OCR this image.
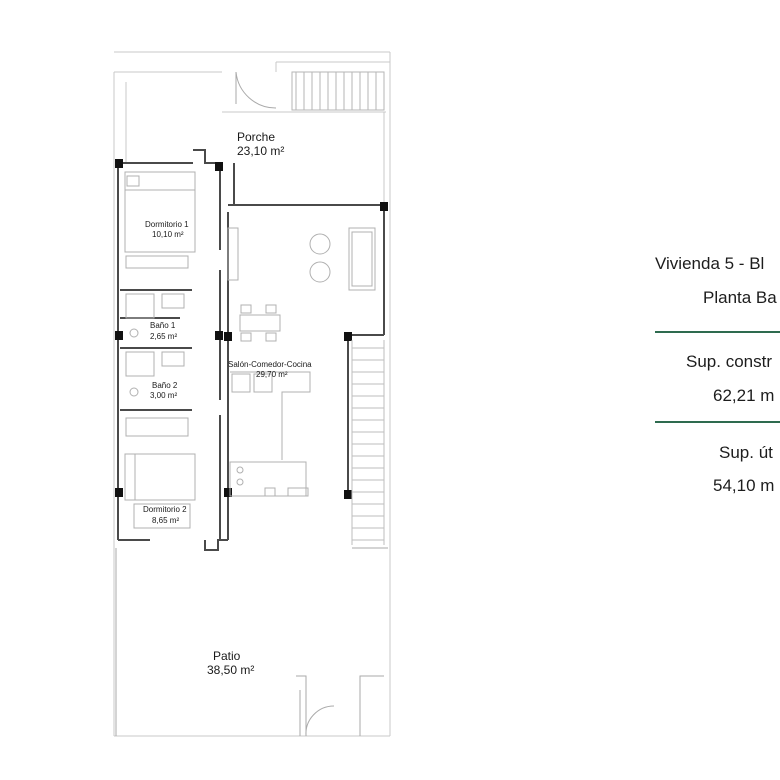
Porche
23,10 m²
Dormitorio 1
10,10 m²
Baño 1
2,65 m²
Baño 2
3,00 m²
Salón-Comedor-Cocina
29,70 m²
Dormitorio 2
8,65 m²
Patio
38,50 m²
Vivienda 5 - Bl
Planta Ba
Sup. constr
62,21 m
Sup. út
54,10 m
